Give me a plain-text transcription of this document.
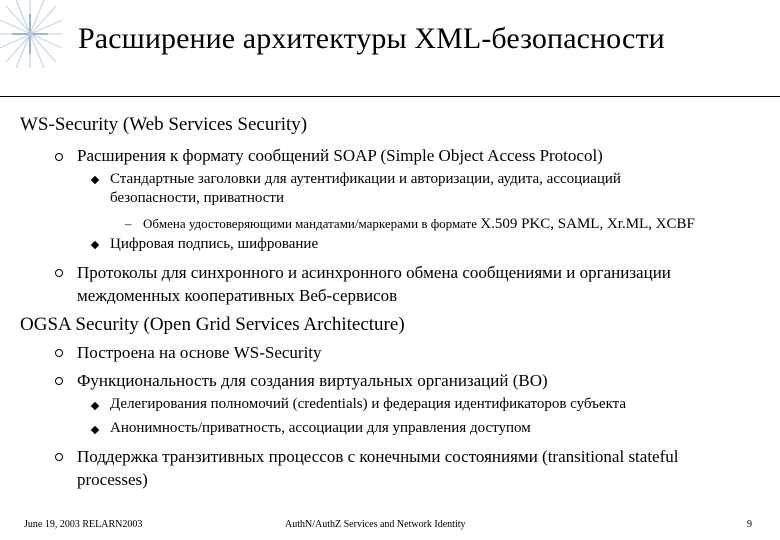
Расширение архитектуры XML-безопасности
WS-Security (Web Services Security)
Расширения к формату сообщений SOAP (Simple Object Access Protocol)
Стандартные заголовки для аутентификации и авторизации, аудита, ассоциаций
безопасности, приватности
– Обмена удостоверяющими мандатами/маркерами в формате X.509 PKC, SAML, Xr.ML, XCBF
Цифровая подпись, шифрование
Протоколы для синхронного и асинхронного обмена сообщениями и организации
междоменных кооперативных Веб-сервисов
OGSA Security (Open Grid Services Architecture)
Построена на основе WS-Security
Функциональность для создания виртуальных организаций (ВО)
Делегирования полномочий (credentials) и федерация идентификаторов субъекта
Анонимность/приватность, ассоциации для управления доступом
Поддержка транзитивных процессов с конечными состояниями (transitional stateful
processes)
June 19, 2003 RELARN2003	AuthN/AuthZ Services and Network Identity	9
